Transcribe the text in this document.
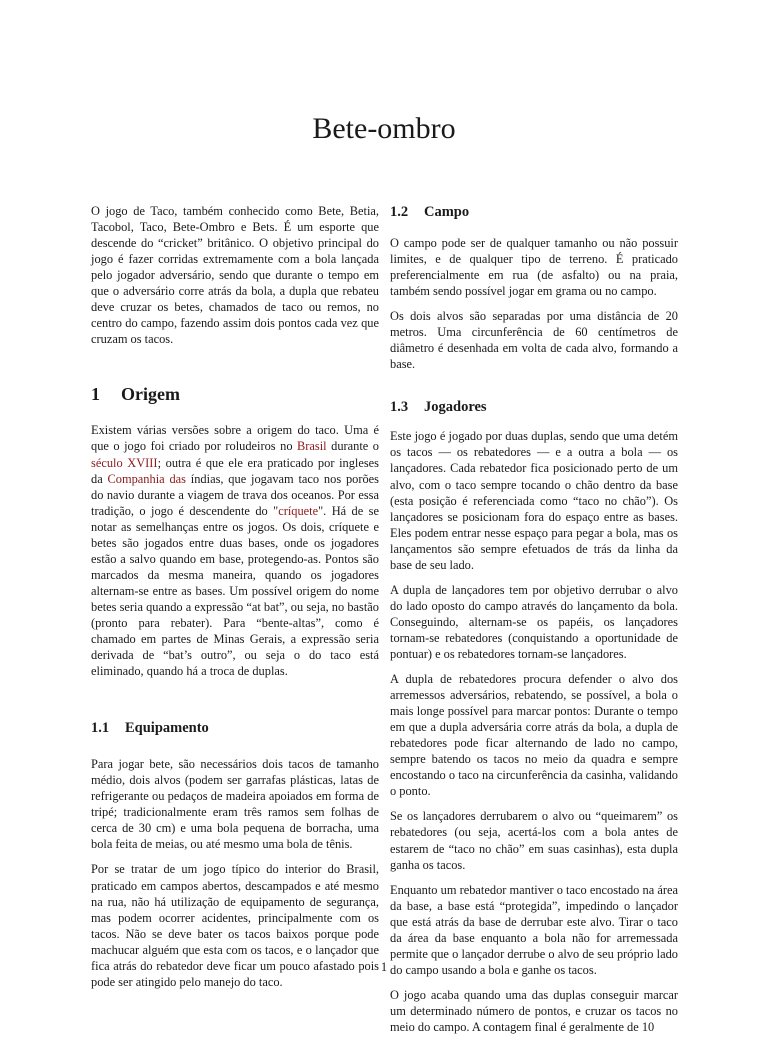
Bete-ombro

O jogo de Taco, também conhecido como Bete, Betia, Tacobol, Taco, Bete-Ombro e Bets. É um esporte que descende do “cricket” britânico. O objetivo principal do jogo é fazer corridas extremamente com a bola lançada pelo jogador adversário, sendo que durante o tempo em que o adversário corre atrás da bola, a dupla que rebateu deve cruzar os betes, chamados de taco ou remos, no centro do campo, fazendo assim dois pontos cada vez que cruzam os tacos.

1 Origem

Existem várias versões sobre a origem do taco. Uma é que o jogo foi criado por roludeiros no Brasil durante o século XVIII; outra é que ele era praticado por ingleses da Companhia das índias, que jogavam taco nos porões do navio durante a viagem de trava dos oceanos. Por essa tradição, o jogo é descendente do "críquete". Há de se notar as semelhanças entre os jogos. Os dois, críquete e betes são jogados entre duas bases, onde os jogadores estão a salvo quando em base, protegendo-as. Pontos são marcados da mesma maneira, quando os jogadores alternam-se entre as bases. Um possível origem do nome betes seria quando a expressão “at bat”, ou seja, no bastão (pronto para rebater). Para “bente-altas”, como é chamado em partes de Minas Gerais, a expressão seria derivada de “bat’s outro”, ou seja o do taco está eliminado, quando há a troca de duplas.

1.1 Equipamento

Para jogar bete, são necessários dois tacos de tamanho médio, dois alvos (podem ser garrafas plásticas, latas de refrigerante ou pedaços de madeira apoiados em forma de tripé; tradicionalmente eram três ramos sem folhas de cerca de 30 cm) e uma bola pequena de borracha, uma bola feita de meias, ou até mesmo uma bola de tênis.

Por se tratar de um jogo típico do interior do Brasil, praticado em campos abertos, descampados e até mesmo na rua, não há utilização de equipamento de segurança, mas podem ocorrer acidentes, principalmente com os tacos. Não se deve bater os tacos baixos porque pode machucar alguém que esta com os tacos, e o lançador que fica atrás do rebatedor deve ficar um pouco afastado pois pode ser atingido pelo manejo do taco.

1.2 Campo

O campo pode ser de qualquer tamanho ou não possuir limites, e de qualquer tipo de terreno. É praticado preferencialmente em rua (de asfalto) ou na praia, também sendo possível jogar em grama ou no campo.

Os dois alvos são separadas por uma distância de 20 metros. Uma circunferência de 60 centímetros de diâmetro é desenhada em volta de cada alvo, formando a base.

1.3 Jogadores

Este jogo é jogado por duas duplas, sendo que uma detém os tacos — os rebatedores — e a outra a bola — os lançadores. Cada rebatedor fica posicionado perto de um alvo, com o taco sempre tocando o chão dentro da base (esta posição é referenciada como “taco no chão”). Os lançadores se posicionam fora do espaço entre as bases. Eles podem entrar nesse espaço para pegar a bola, mas os lançamentos são sempre efetuados de trás da linha da base de seu lado.

A dupla de lançadores tem por objetivo derrubar o alvo do lado oposto do campo através do lançamento da bola. Conseguindo, alternam-se os papéis, os lançadores tornam-se rebatedores (conquistando a oportunidade de pontuar) e os rebatedores tornam-se lançadores.

A dupla de rebatedores procura defender o alvo dos arremessos adversários, rebatendo, se possível, a bola o mais longe possível para marcar pontos: Durante o tempo em que a dupla adversária corre atrás da bola, a dupla de rebatedores pode ficar alternando de lado no campo, sempre batendo os tacos no meio da quadra e sempre encostando o taco na circunferência da casinha, validando o ponto.

Se os lançadores derrubarem o alvo ou “queimarem” os rebatedores (ou seja, acertá-los com a bola antes de estarem de “taco no chão” em suas casinhas), esta dupla ganha os tacos.

Enquanto um rebatedor mantiver o taco encostado na área da base, a base está “protegida”, impedindo o lançador que está atrás da base de derrubar este alvo. Tirar o taco da área da base enquanto a bola não for arremessada permite que o lançador derrube o alvo de seu próprio lado do campo usando a bola e ganhe os tacos.

O jogo acaba quando uma das duplas conseguir marcar um determinado número de pontos, e cruzar os tacos no meio do campo. A contagem final é geralmente de 10

1
